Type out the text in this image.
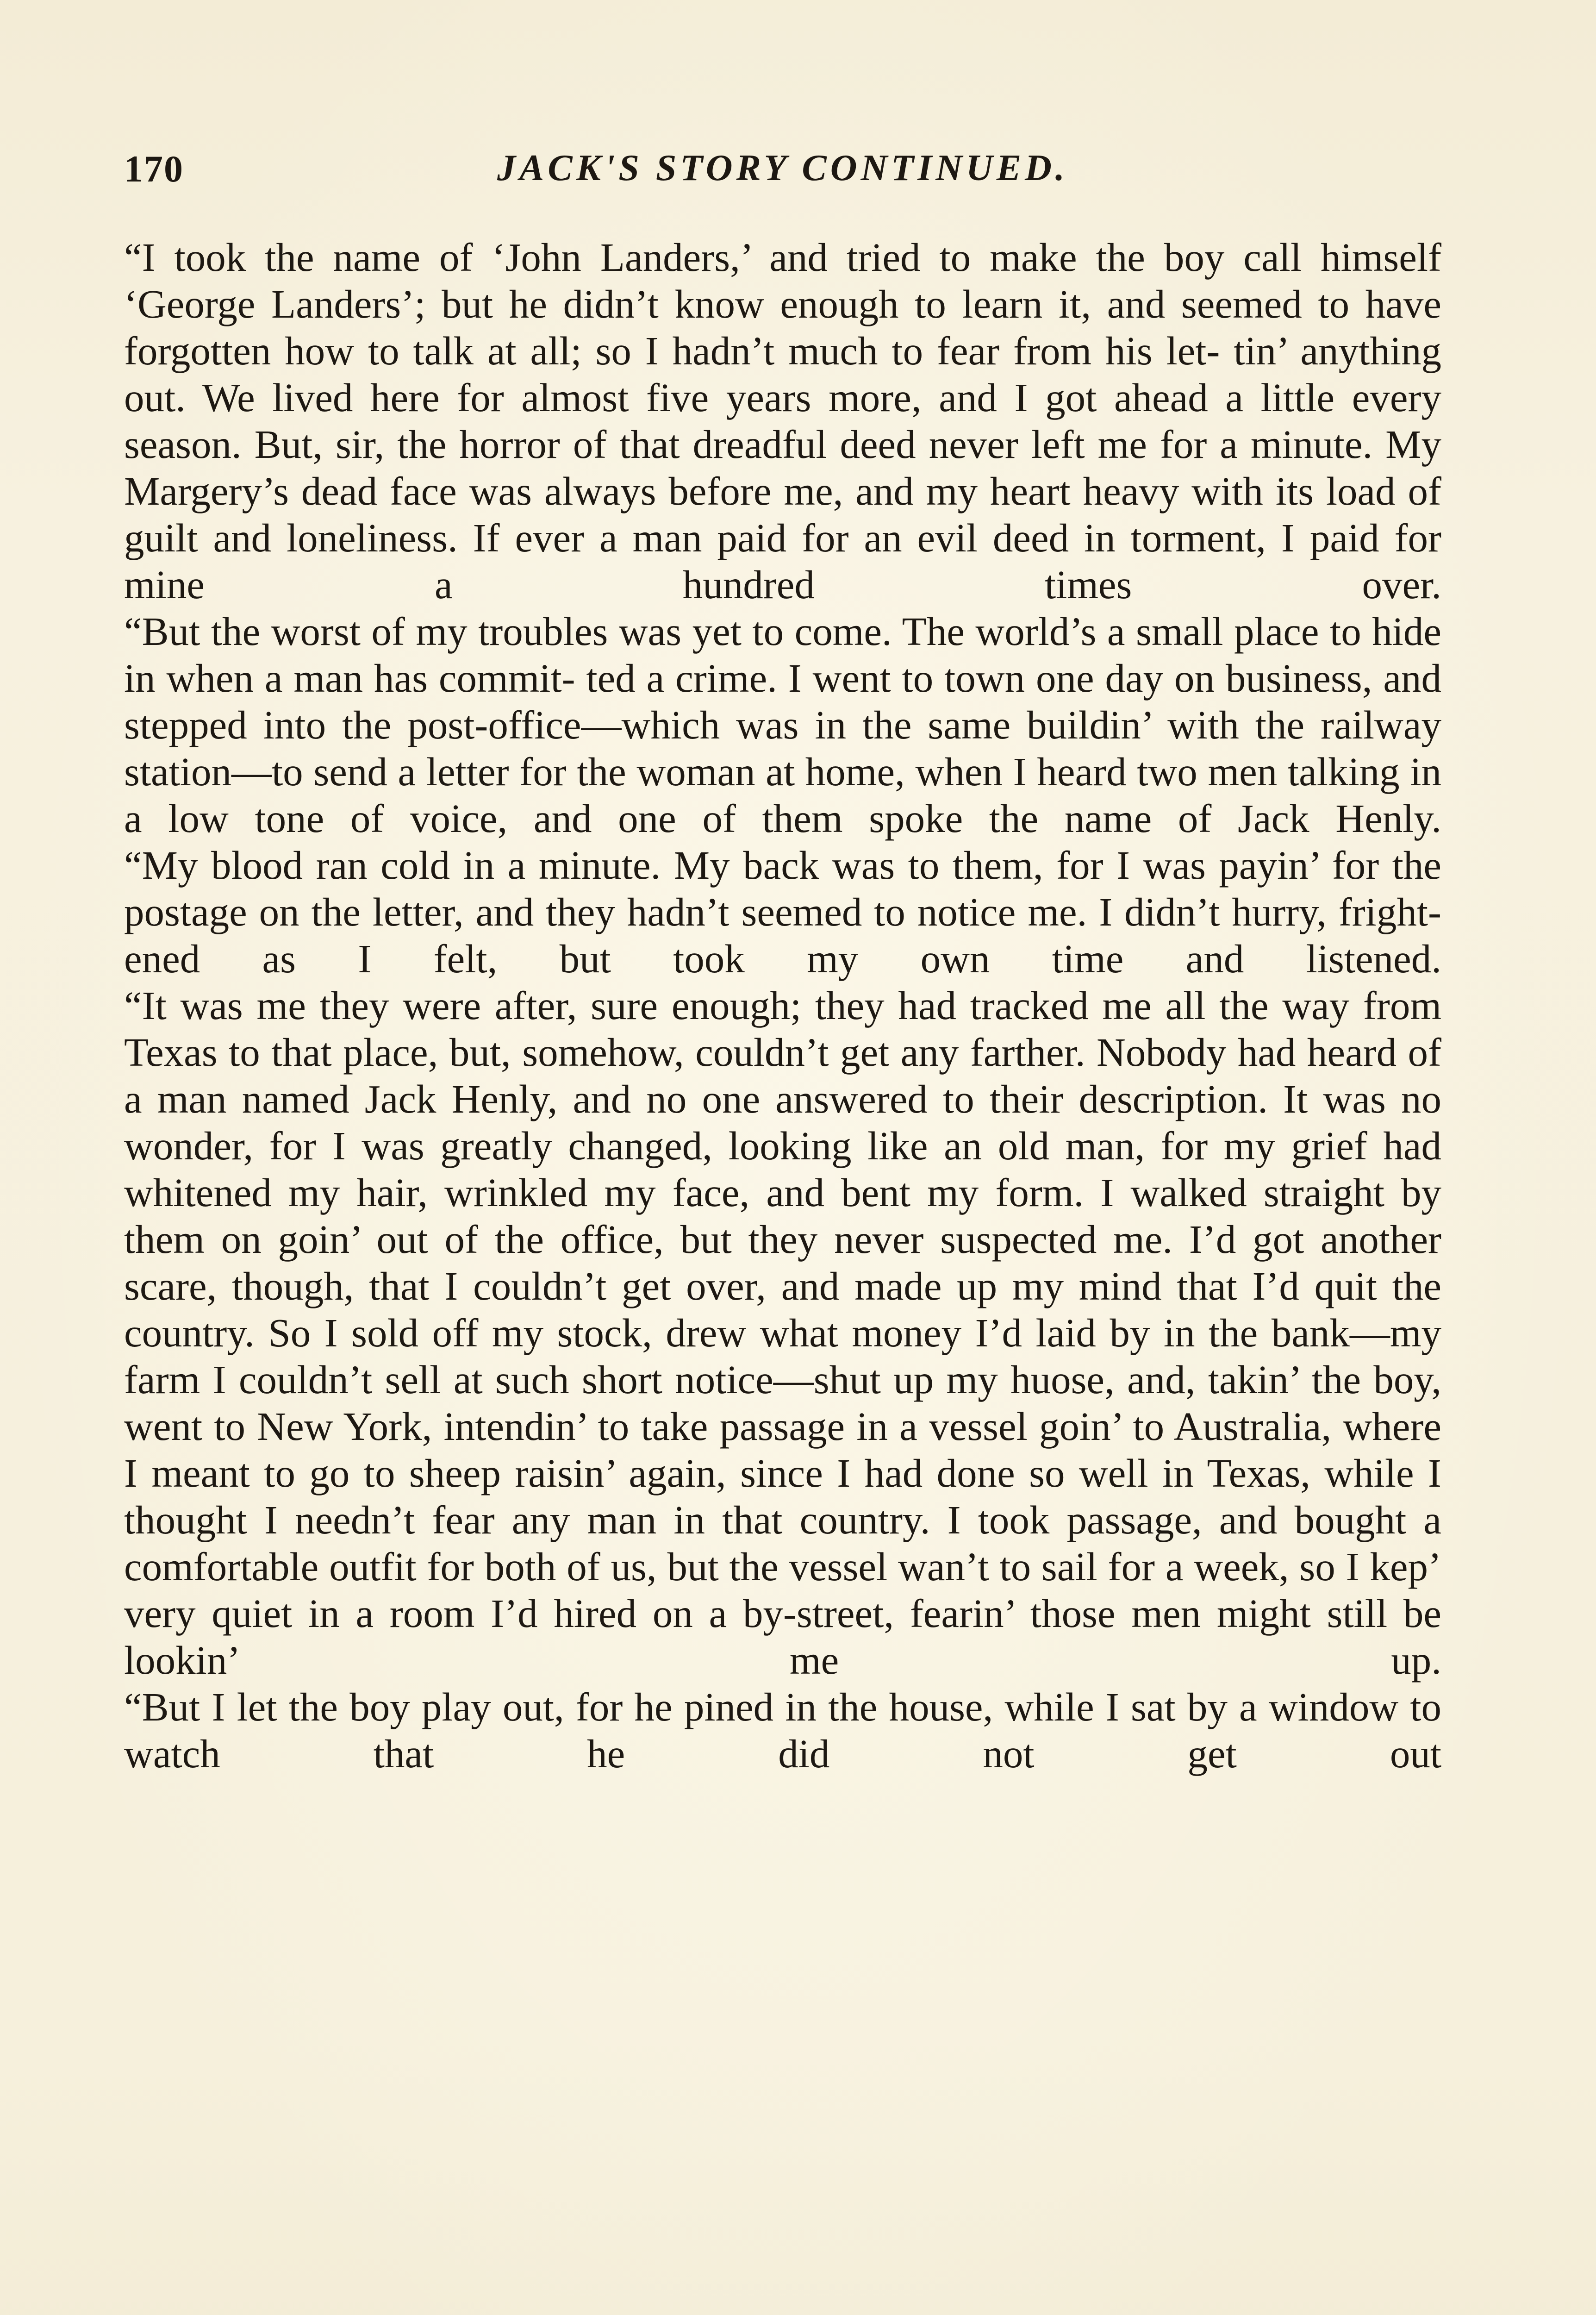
170	JACK'S STORY CONTINUED.

“I took the name of ‘John Landers,’ and tried to make the boy call himself ‘George Landers’; but he didn’t know enough to learn it, and seemed to have forgotten how to talk at all; so I hadn’t much to fear from his let- tin’ anything out. We lived here for almost five years more, and I got ahead a little every season. But, sir, the horror of that dreadful deed never left me for a minute. My Margery’s dead face was always before me, and my heart heavy with its load of guilt and loneliness. If ever a man paid for an evil deed in torment, I paid for mine a hundred times over.

“But the worst of my troubles was yet to come. The world’s a small place to hide in when a man has commit- ted a crime. I went to town one day on business, and stepped into the post-office—which was in the same buildin’ with the railway station—to send a letter for the woman at home, when I heard two men talking in a low tone of voice, and one of them spoke the name of Jack Henly.

“My blood ran cold in a minute. My back was to them, for I was payin’ for the postage on the letter, and they hadn’t seemed to notice me. I didn’t hurry, fright- ened as I felt, but took my own time and listened.

“It was me they were after, sure enough; they had tracked me all the way from Texas to that place, but, somehow, couldn’t get any farther. Nobody had heard of a man named Jack Henly, and no one answered to their description. It was no wonder, for I was greatly changed, looking like an old man, for my grief had whitened my hair, wrinkled my face, and bent my form. I walked straight by them on goin’ out of the office, but they never suspected me. I’d got another scare, though, that I couldn’t get over, and made up my mind that I’d quit the country. So I sold off my stock, drew what money I’d laid by in the bank—my farm I couldn’t sell at such short notice—shut up my huose, and, takin’ the boy, went to New York, intendin’ to take passage in a vessel goin’ to Australia, where I meant to go to sheep raisin’ again, since I had done so well in Texas, while I thought I needn’t fear any man in that country. I took passage, and bought a comfortable outfit for both of us, but the vessel wan’t to sail for a week, so I kep’ very quiet in a room I’d hired on a by-street, fearin’ those men might still be lookin’ me up.

“But I let the boy play out, for he pined in the house, while I sat by a window to watch that he did not get out
